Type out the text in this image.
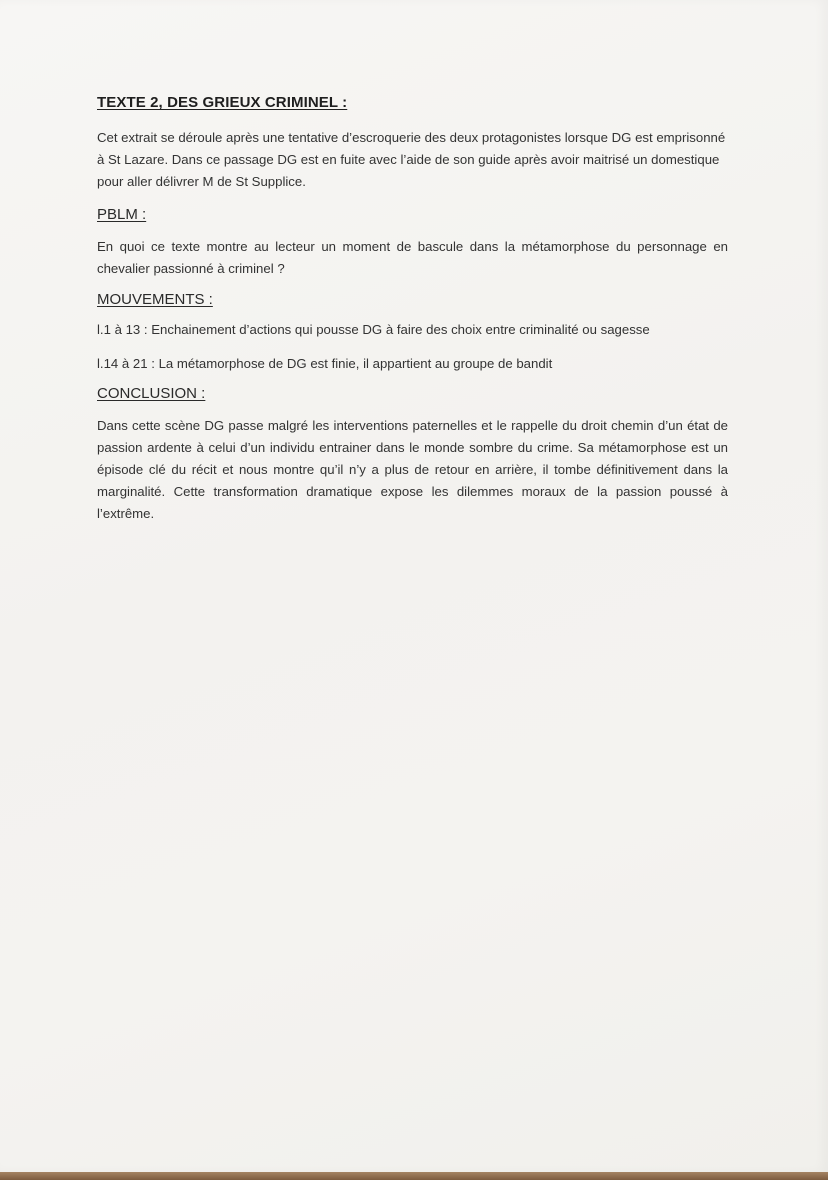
TEXTE 2, DES GRIEUX CRIMINEL :

Cet extrait se déroule après une tentative d’escroquerie des deux protagonistes lorsque DG est emprisonné à St Lazare. Dans ce passage DG est en fuite avec l’aide de son guide après avoir maitrisé un domestique pour aller délivrer M de St Supplice.

PBLM :

En quoi ce texte montre au lecteur un moment de bascule dans la métamorphose du personnage en chevalier passionné à criminel ?

MOUVEMENTS :

l.1 à 13 : Enchainement d’actions qui pousse DG à faire des choix entre criminalité ou sagesse

l.14 à 21 : La métamorphose de DG est finie, il appartient au groupe de bandit

CONCLUSION :

Dans cette scène DG passe malgré les interventions paternelles et le rappelle du droit chemin d’un état de passion ardente à celui d’un individu entrainer dans le monde sombre du crime. Sa métamorphose est un épisode clé du récit et nous montre qu’il n’y a plus de retour en arrière, il tombe définitivement dans la marginalité. Cette transformation dramatique expose les dilemmes moraux de la passion poussé à l’extrême.
